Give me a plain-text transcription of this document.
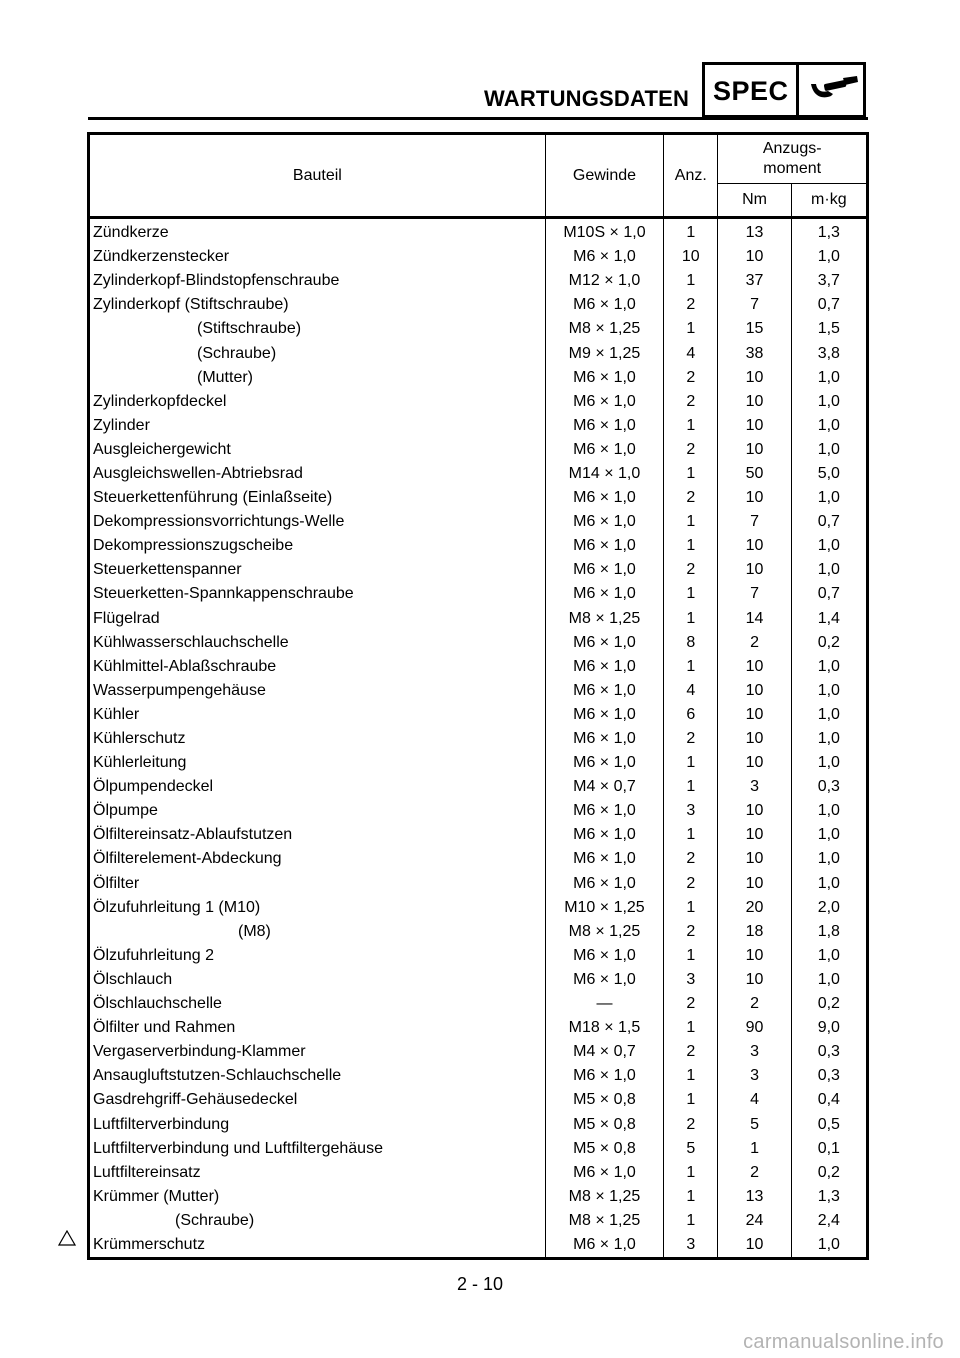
WARTUNGSDATEN SPEC
Bauteil	Gewinde	Anz.	Anzugs-
moment	
			Nm	m·kg
Zündkerze	M10S × 1,0	1	13	1,3
Zündkerzenstecker	M6 × 1,0	10	10	1,0
Zylinderkopf-Blindstopfenschraube	M12 × 1,0	1	37	3,7
Zylinderkopf (Stiftschraube)	M6 × 1,0	2	7	0,7
(Stiftschraube)	M8 × 1,25	1	15	1,5
(Schraube)	M9 × 1,25	4	38	3,8
(Mutter)	M6 × 1,0	2	10	1,0
Zylinderkopfdeckel	M6 × 1,0	2	10	1,0
Zylinder	M6 × 1,0	1	10	1,0
Ausgleichergewicht	M6 × 1,0	2	10	1,0
Ausgleichswellen-Abtriebsrad	M14 × 1,0	1	50	5,0
Steuerkettenführung (Einlaßseite)	M6 × 1,0	2	10	1,0
Dekompressionsvorrichtungs-Welle	M6 × 1,0	1	7	0,7
Dekompressionszugscheibe	M6 × 1,0	1	10	1,0
Steuerkettenspanner	M6 × 1,0	2	10	1,0
Steuerketten-Spannkappenschraube	M6 × 1,0	1	7	0,7
Flügelrad	M8 × 1,25	1	14	1,4
Kühlwasserschlauchschelle	M6 × 1,0	8	2	0,2
Kühlmittel-Ablaßschraube	M6 × 1,0	1	10	1,0
Wasserpumpengehäuse	M6 × 1,0	4	10	1,0
Kühler	M6 × 1,0	6	10	1,0
Kühlerschutz	M6 × 1,0	2	10	1,0
Kühlerleitung	M6 × 1,0	1	10	1,0
Ölpumpendeckel	M4 × 0,7	1	3	0,3
Ölpumpe	M6 × 1,0	3	10	1,0
Ölfiltereinsatz-Ablaufstutzen	M6 × 1,0	1	10	1,0
Ölfilterelement-Abdeckung	M6 × 1,0	2	10	1,0
Ölfilter	M6 × 1,0	2	10	1,0
Ölzufuhrleitung 1 (M10)	M10 × 1,25	1	20	2,0
(M8)	M8 × 1,25	2	18	1,8
Ölzufuhrleitung 2	M6 × 1,0	1	10	1,0
Ölschlauch	M6 × 1,0	3	10	1,0
Ölschlauchschelle	—	2	2	0,2
Ölfilter und Rahmen	M18 × 1,5	1	90	9,0
Vergaserverbindung-Klammer	M4 × 0,7	2	3	0,3
Ansaugluftstutzen-Schlauchschelle	M6 × 1,0	1	3	0,3
Gasdrehgriff-Gehäusedeckel	M5 × 0,8	1	4	0,4
Luftfilterverbindung	M5 × 0,8	2	5	0,5
Luftfilterverbindung und Luftfiltergehäuse	M5 × 0,8	5	1	0,1
Luftfiltereinsatz	M6 × 1,0	1	2	0,2
Krümmer (Mutter)	M8 × 1,25	1	13	1,3
(Schraube)	M8 × 1,25	1	24	2,4
Krümmerschutz	M6 × 1,0	3	10	1,0
2 - 10
carmanualsonline.info
